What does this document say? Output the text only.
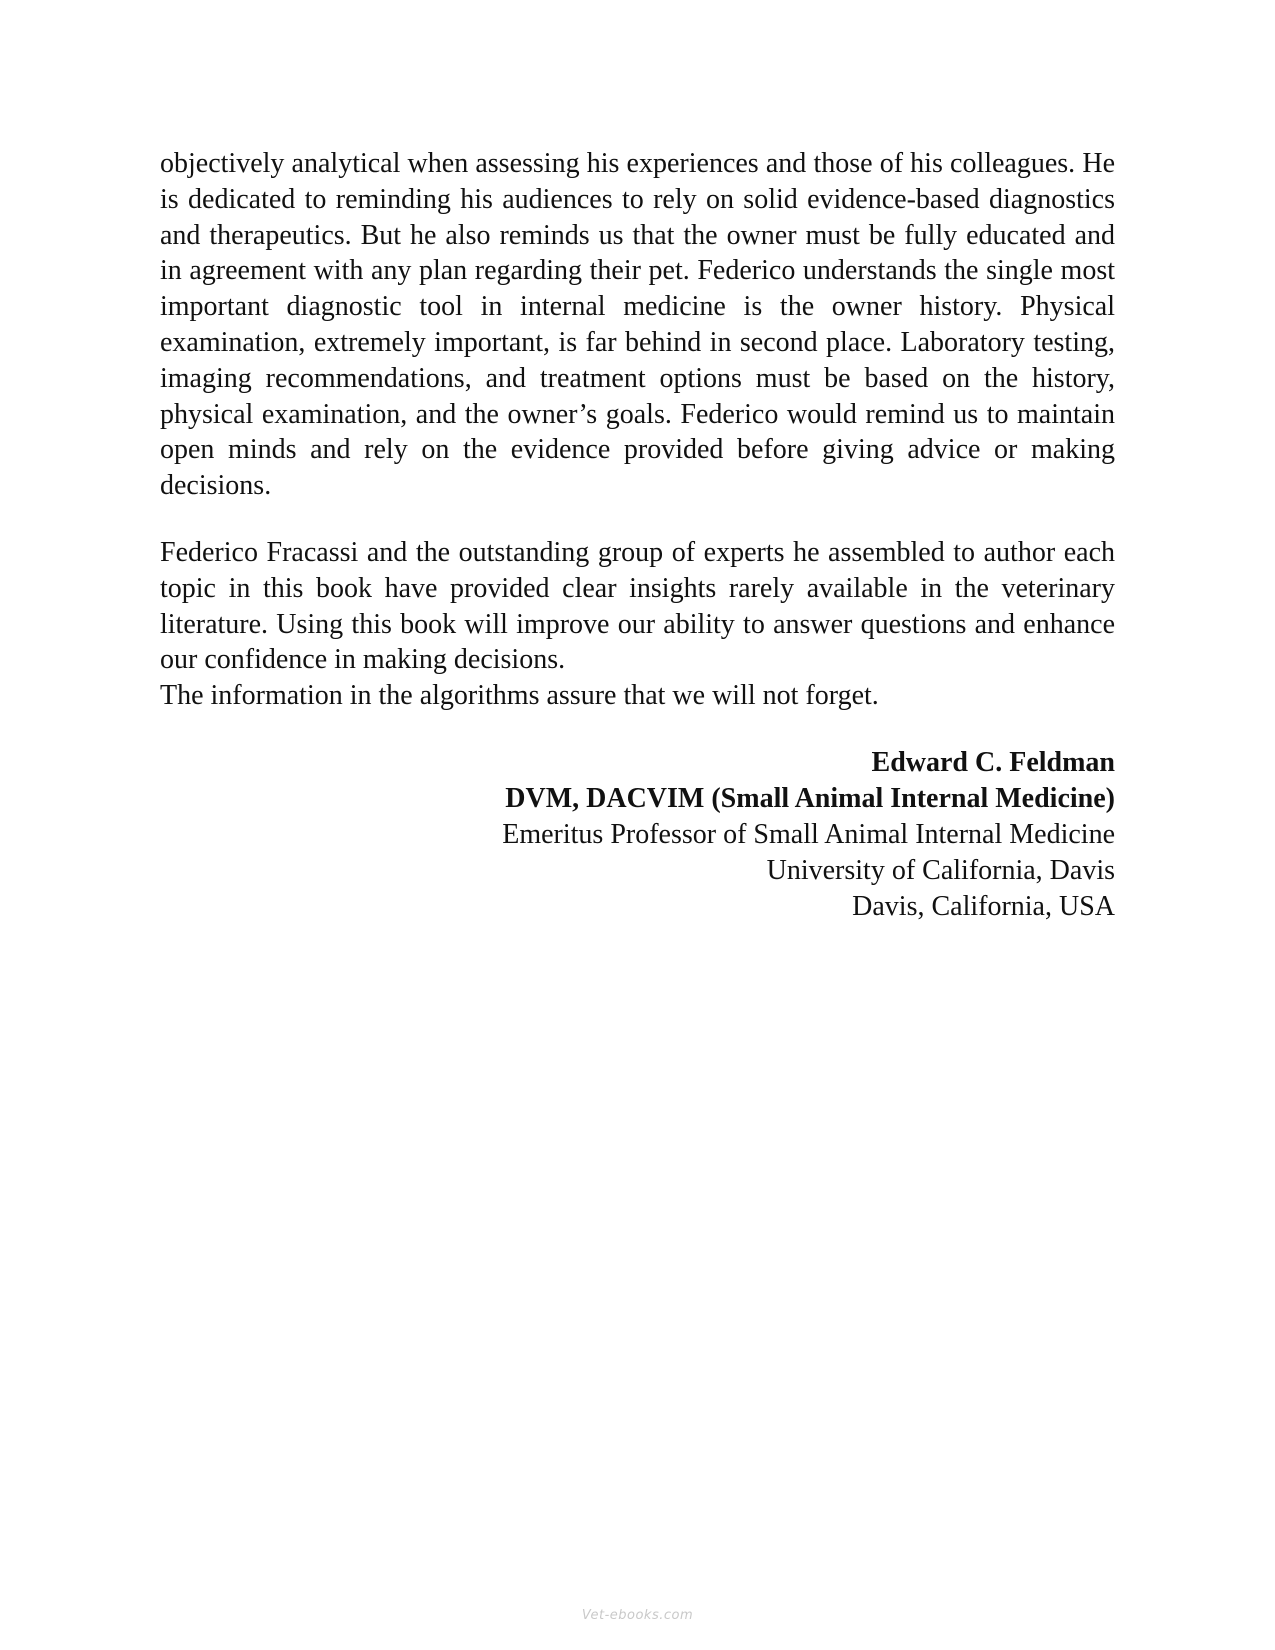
objectively analytical when assessing his experiences and those of his colleagues. He is dedicated to reminding his audiences to rely on solid evidence-based diagnostics and therapeutics. But he also reminds us that the owner must be fully educated and in agreement with any plan regarding their pet. Federico understands the single most important diagnostic tool in internal medicine is the owner history. Physical examination, extremely important, is far behind in second place. Laboratory testing, imaging recommendations, and treatment options must be based on the history, physical examination, and the owner’s goals. Federico would remind us to maintain open minds and rely on the evidence provided before giving advice or making decisions.

Federico Fracassi and the outstanding group of experts he assembled to author each topic in this book have provided clear insights rarely available in the veterinary literature. Using this book will improve our ability to answer questions and enhance our confidence in making decisions.

The information in the algorithms assure that we will not forget.

Edward C. Feldman
DVM, DACVIM (Small Animal Internal Medicine)
Emeritus Professor of Small Animal Internal Medicine
University of California, Davis
Davis, California, USA
Vet-ebooks.com
